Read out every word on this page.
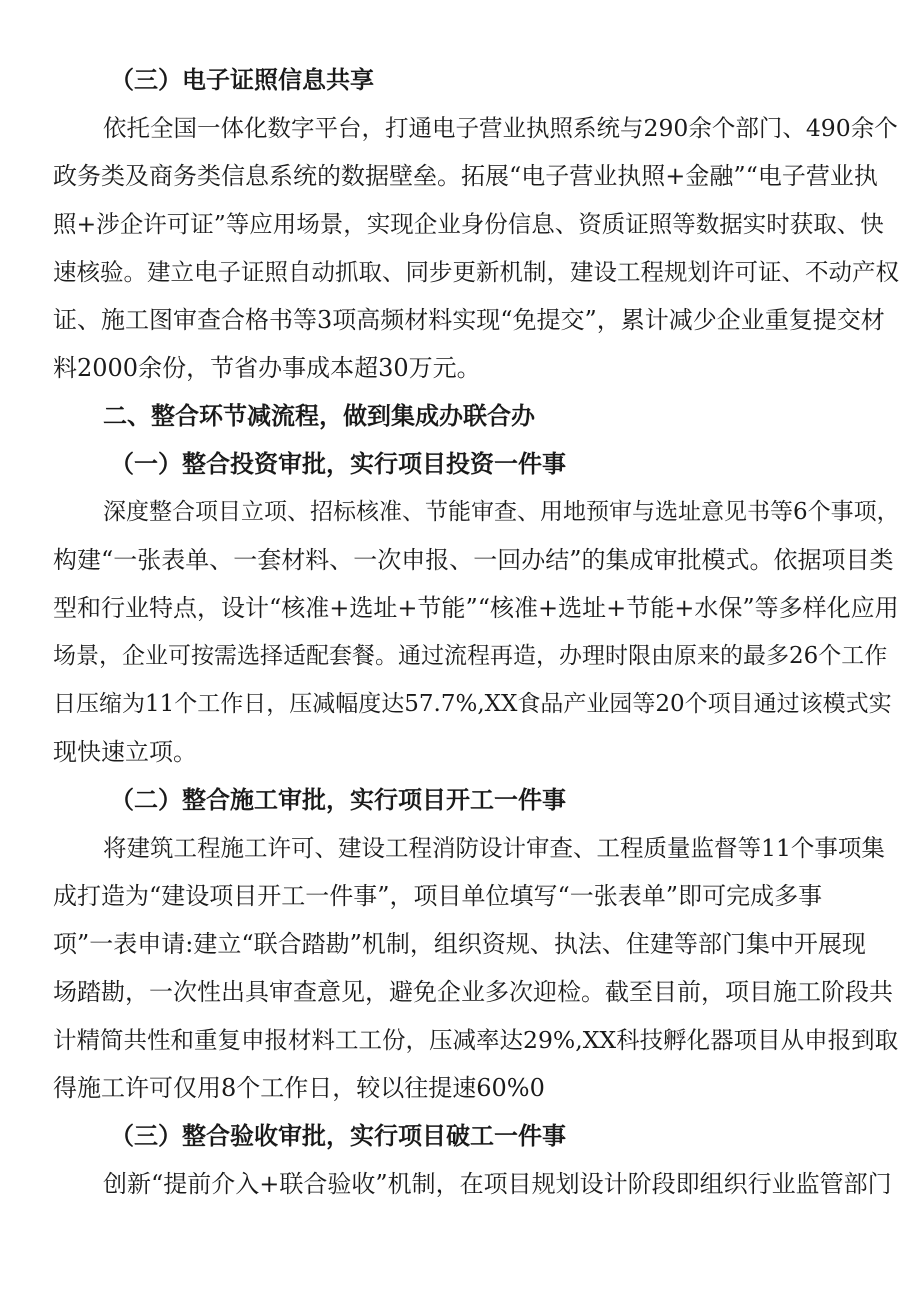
（三）电子证照信息共享
依托全国一体化数字平台，打通电子营业执照系统与290余个部门、490余个
政务类及商务类信息系统的数据壁垒。拓展“电子营业执照+金融”“电子营业执
照+涉企许可证”等应用场景，实现企业身份信息、资质证照等数据实时获取、快
速核验。建立电子证照自动抓取、同步更新机制，建设工程规划许可证、不动产权
证、施工图审查合格书等3项高频材料实现“免提交”，累计减少企业重复提交材
料2000余份，节省办事成本超30万元。
二、整合环节减流程，做到集成办联合办
（一）整合投资审批，实行项目投资一件事
深度整合项目立项、招标核准、节能审查、用地预审与选址意见书等6个事项，
构建“一张表单、一套材料、一次申报、一回办结”的集成审批模式。依据项目类
型和行业特点，设计“核准+选址+节能”“核准+选址+节能+水保”等多样化应用
场景，企业可按需选择适配套餐。通过流程再造，办理时限由原来的最多26个工作
日压缩为11个工作日，压减幅度达57.7%,XX食品产业园等20个项目通过该模式实
现快速立项。
（二）整合施工审批，实行项目开工一件事
将建筑工程施工许可、建设工程消防设计审查、工程质量监督等11个事项集
成打造为“建设项目开工一件事”，项目单位填写“一张表单”即可完成多事
项”一表申请:建立“联合踏勘”机制，组织资规、执法、住建等部门集中开展现
场踏勘，一次性出具审查意见，避免企业多次迎检。截至目前，项目施工阶段共
计精简共性和重复申报材料工工份，压减率达29%,XX科技孵化器项目从申报到取
得施工许可仅用8个工作日，较以往提速60%0
（三）整合验收审批，实行项目破工一件事
创新“提前介入+联合验收”机制，在项目规划设计阶段即组织行业监管部门
